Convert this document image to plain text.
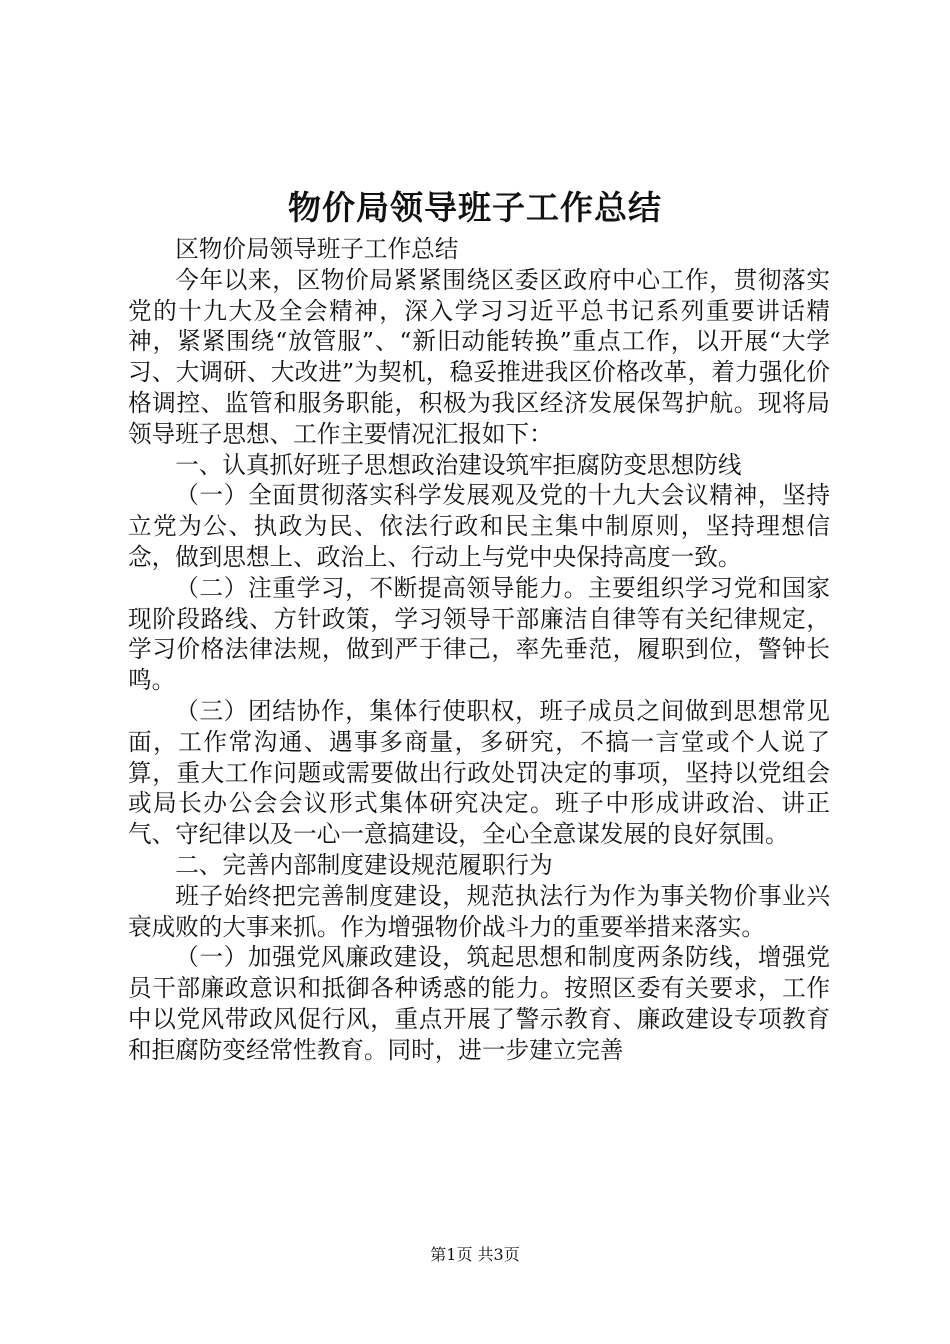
物价局领导班子工作总结

区物价局领导班子工作总结

今年以来，区物价局紧紧围绕区委区政府中心工作，贯彻落实党的十九大及全会精神，深入学习习近平总书记系列重要讲话精神，紧紧围绕“放管服”、“新旧动能转换”重点工作，以开展“大学习、大调研、大改进”为契机，稳妥推进我区价格改革，着力强化价格调控、监管和服务职能，积极为我区经济发展保驾护航。现将局领导班子思想、工作主要情况汇报如下：

一、认真抓好班子思想政治建设筑牢拒腐防变思想防线

（一）全面贯彻落实科学发展观及党的十九大会议精神，坚持立党为公、执政为民、依法行政和民主集中制原则，坚持理想信念，做到思想上、政治上、行动上与党中央保持高度一致。

（二）注重学习，不断提高领导能力。主要组织学习党和国家现阶段路线、方针政策，学习领导干部廉洁自律等有关纪律规定，学习价格法律法规，做到严于律己，率先垂范，履职到位，警钟长鸣。

（三）团结协作，集体行使职权，班子成员之间做到思想常见面，工作常沟通、遇事多商量，多研究，不搞一言堂或个人说了算，重大工作问题或需要做出行政处罚决定的事项，坚持以党组会或局长办公会会议形式集体研究决定。班子中形成讲政治、讲正气、守纪律以及一心一意搞建设，全心全意谋发展的良好氛围。

二、完善内部制度建设规范履职行为

班子始终把完善制度建设，规范执法行为作为事关物价事业兴衰成败的大事来抓。作为增强物价战斗力的重要举措来落实。

（一）加强党风廉政建设，筑起思想和制度两条防线，增强党员干部廉政意识和抵御各种诱惑的能力。按照区委有关要求，工作中以党风带政风促行风，重点开展了警示教育、廉政建设专项教育和拒腐防变经常性教育。同时，进一步建立完善

第1页 共3页
